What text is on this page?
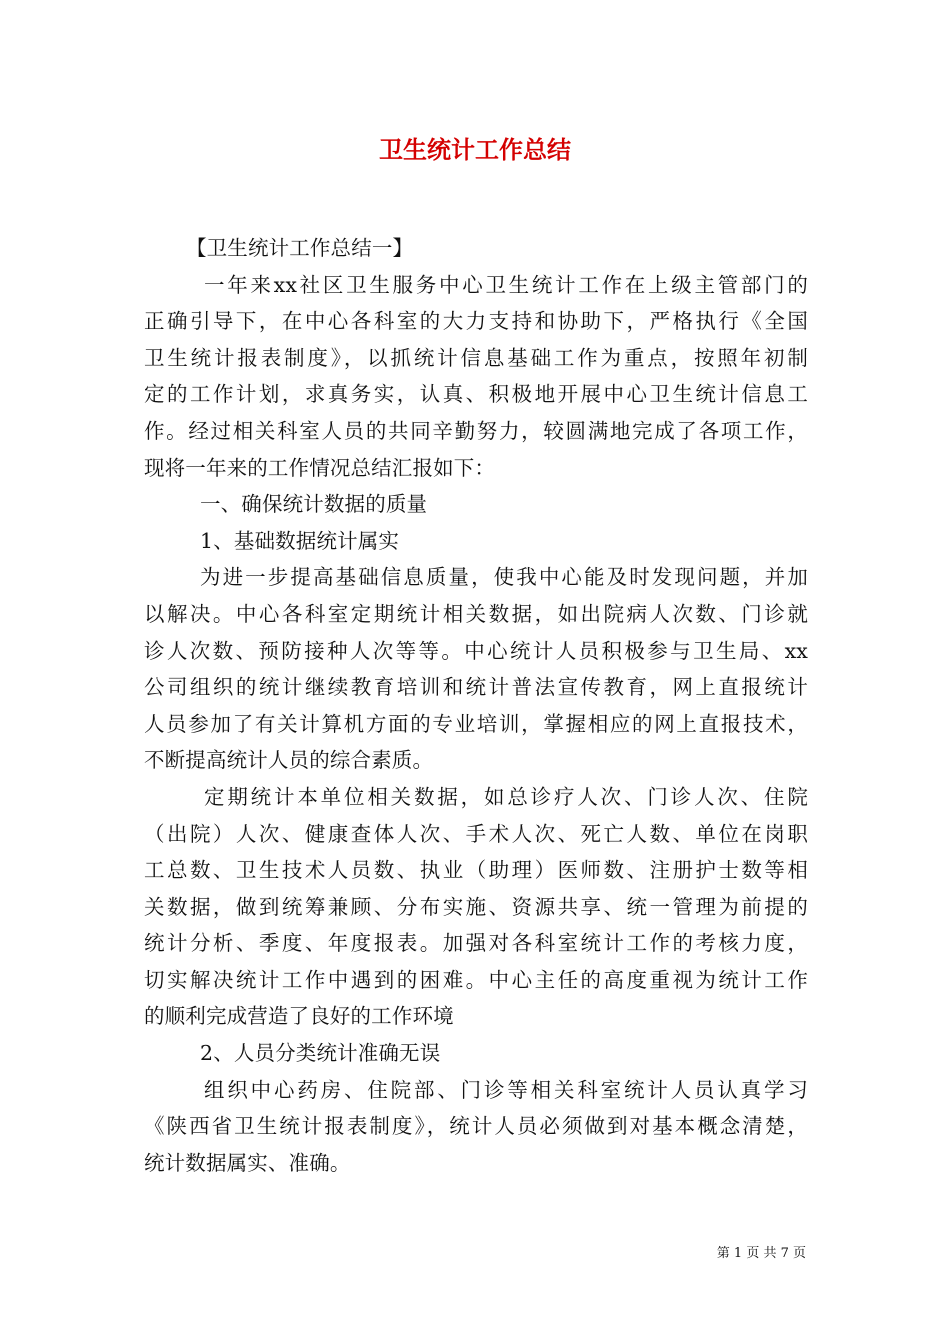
卫生统计工作总结

【卫生统计工作总结一】

一年来xx社区卫生服务中心卫生统计工作在上级主管部门的

正确引导下，在中心各科室的大力支持和协助下，严格执行《全国

卫生统计报表制度》，以抓统计信息基础工作为重点，按照年初制

定的工作计划，求真务实，认真、积极地开展中心卫生统计信息工

作。经过相关科室人员的共同辛勤努力，较圆满地完成了各项工作，

现将一年来的工作情况总结汇报如下：

一、确保统计数据的质量

1、基础数据统计属实

为进一步提高基础信息质量，使我中心能及时发现问题，并加

以解决。中心各科室定期统计相关数据，如出院病人次数、门诊就

诊人次数、预防接种人次等等。中心统计人员积极参与卫生局、xx

公司组织的统计继续教育培训和统计普法宣传教育，网上直报统计

人员参加了有关计算机方面的专业培训，掌握相应的网上直报技术，

不断提高统计人员的综合素质。

定期统计本单位相关数据，如总诊疗人次、门诊人次、住院

（出院）人次、健康查体人次、手术人次、死亡人数、单位在岗职

工总数、卫生技术人员数、执业（助理）医师数、注册护士数等相

关数据，做到统筹兼顾、分布实施、资源共享、统一管理为前提的

统计分析、季度、年度报表。加强对各科室统计工作的考核力度，

切实解决统计工作中遇到的困难。中心主任的高度重视为统计工作

的顺利完成营造了良好的工作环境

2、人员分类统计准确无误

组织中心药房、住院部、门诊等相关科室统计人员认真学习

《陕西省卫生统计报表制度》，统计人员必须做到对基本概念清楚，

统计数据属实、准确。

第 1 页 共 7 页
